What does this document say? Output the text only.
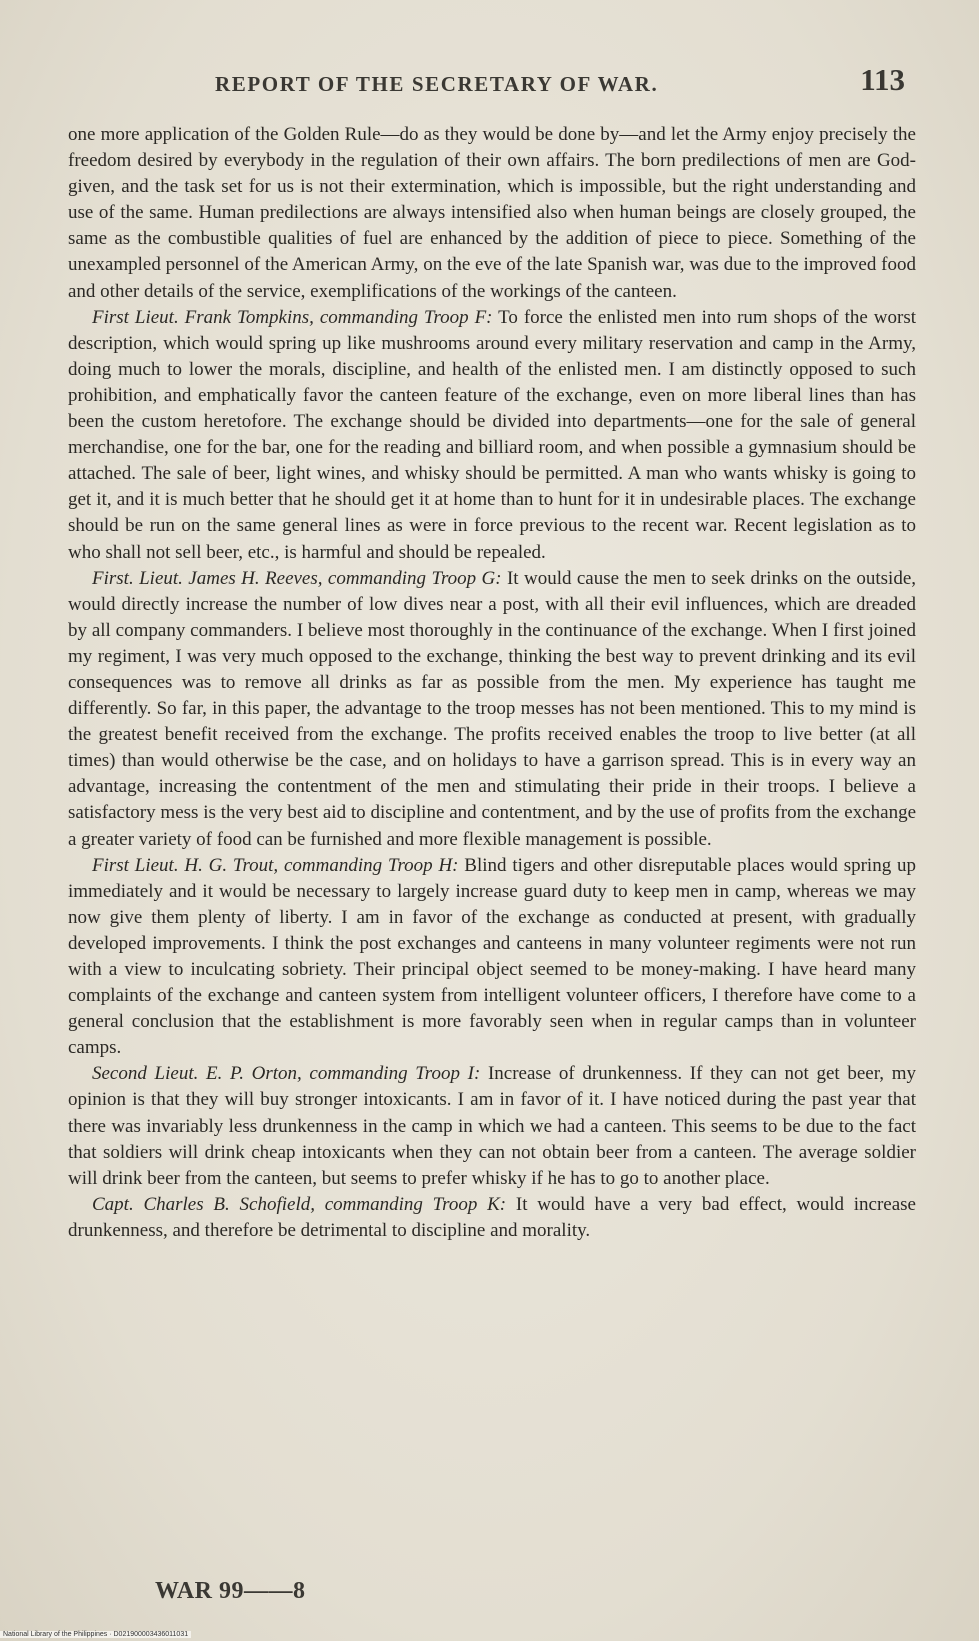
REPORT OF THE SECRETARY OF WAR.	113

one more application of the Golden Rule—do as they would be done by—and let the Army enjoy precisely the freedom desired by everybody in the regulation of their own affairs. The born predilections of men are God-given, and the task set for us is not their extermination, which is impossible, but the right understanding and use of the same. Human predilections are always intensified also when human beings are closely grouped, the same as the combustible qualities of fuel are enhanced by the addition of piece to piece. Something of the unexampled personnel of the American Army, on the eve of the late Spanish war, was due to the improved food and other details of the service, exemplifications of the workings of the canteen.

First Lieut. Frank Tompkins, commanding Troop F: To force the enlisted men into rum shops of the worst description, which would spring up like mushrooms around every military reservation and camp in the Army, doing much to lower the morals, discipline, and health of the enlisted men. I am distinctly opposed to such prohibition, and emphatically favor the canteen feature of the exchange, even on more liberal lines than has been the custom heretofore. The exchange should be divided into departments—one for the sale of general merchandise, one for the bar, one for the reading and billiard room, and when possible a gymnasium should be attached. The sale of beer, light wines, and whisky should be permitted. A man who wants whisky is going to get it, and it is much better that he should get it at home than to hunt for it in undesirable places. The exchange should be run on the same general lines as were in force previous to the recent war. Recent legislation as to who shall not sell beer, etc., is harmful and should be repealed.

First. Lieut. James H. Reeves, commanding Troop G: It would cause the men to seek drinks on the outside, would directly increase the number of low dives near a post, with all their evil influences, which are dreaded by all company commanders. I believe most thoroughly in the continuance of the exchange. When I first joined my regiment, I was very much opposed to the exchange, thinking the best way to prevent drinking and its evil consequences was to remove all drinks as far as possible from the men. My experience has taught me differently. So far, in this paper, the advantage to the troop messes has not been mentioned. This to my mind is the greatest benefit received from the exchange. The profits received enables the troop to live better (at all times) than would otherwise be the case, and on holidays to have a garrison spread. This is in every way an advantage, increasing the contentment of the men and stimulating their pride in their troops. I believe a satisfactory mess is the very best aid to discipline and contentment, and by the use of profits from the exchange a greater variety of food can be furnished and more flexible management is possible.

First Lieut. H. G. Trout, commanding Troop H: Blind tigers and other disreputable places would spring up immediately and it would be necessary to largely increase guard duty to keep men in camp, whereas we may now give them plenty of liberty. I am in favor of the exchange as conducted at present, with gradually developed improvements. I think the post exchanges and canteens in many volunteer regiments were not run with a view to inculcating sobriety. Their principal object seemed to be money-making. I have heard many complaints of the exchange and canteen system from intelligent volunteer officers, I therefore have come to a general conclusion that the establishment is more favorably seen when in regular camps than in volunteer camps.

Second Lieut. E. P. Orton, commanding Troop I: Increase of drunkenness. If they can not get beer, my opinion is that they will buy stronger intoxicants. I am in favor of it. I have noticed during the past year that there was invariably less drunkenness in the camp in which we had a canteen. This seems to be due to the fact that soldiers will drink cheap intoxicants when they can not obtain beer from a canteen. The average soldier will drink beer from the canteen, but seems to prefer whisky if he has to go to another place.

Capt. Charles B. Schofield, commanding Troop K: It would have a very bad effect, would increase drunkenness, and therefore be detrimental to discipline and morality.

WAR 99——8
National Library of the Philippines · D021900003436011031
